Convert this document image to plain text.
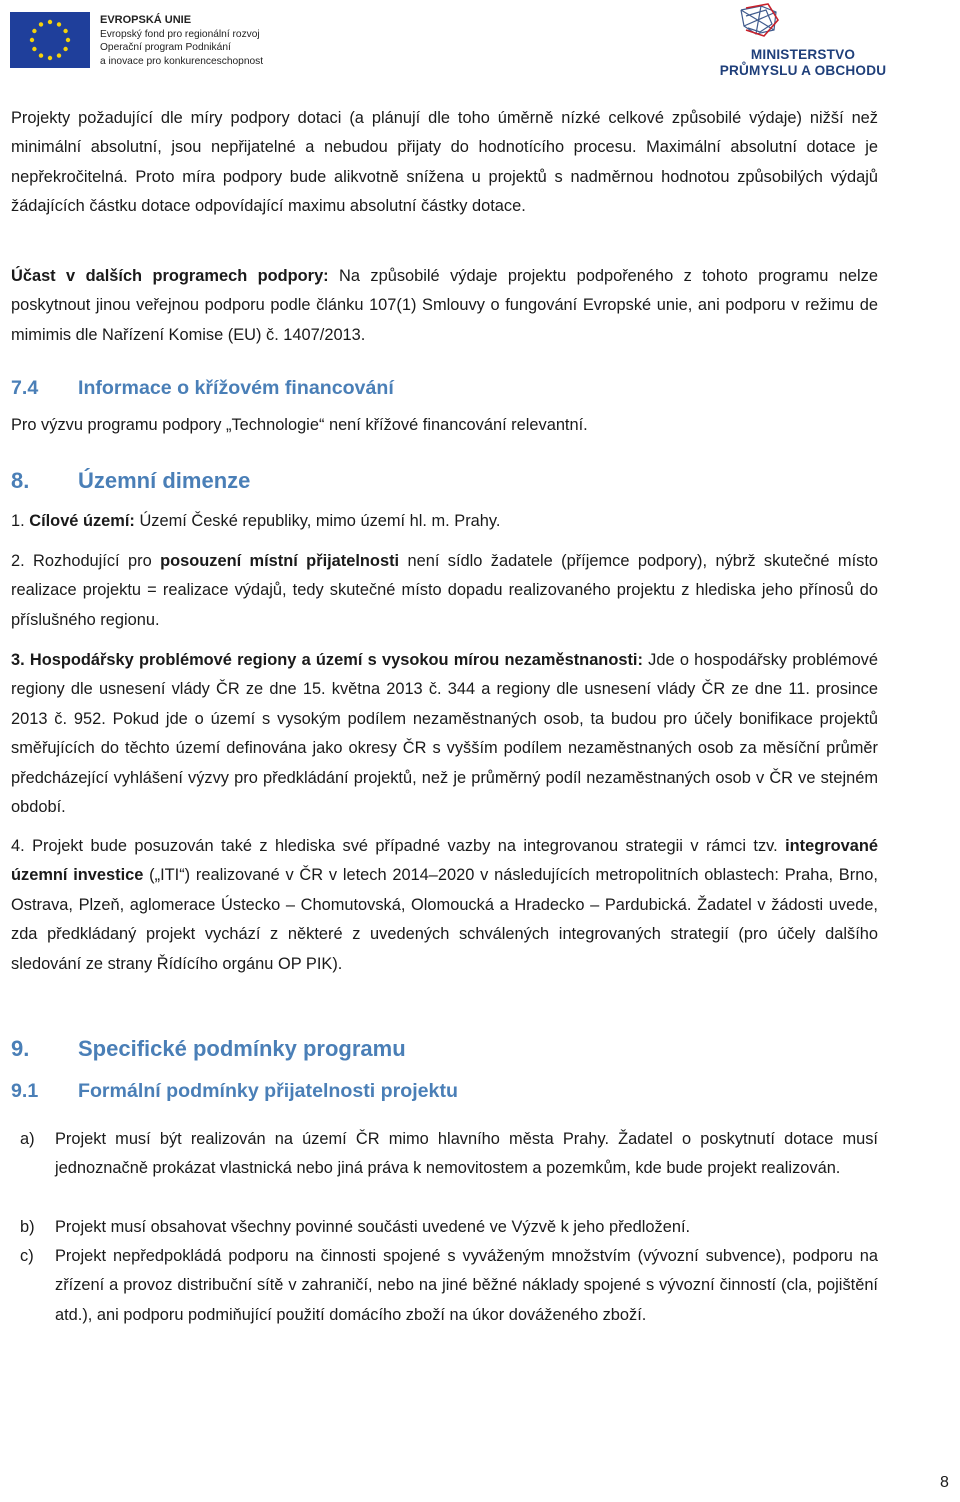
EVROPSKÁ UNIE
Evropský fond pro regionální rozvoj
Operační program Podnikání
a inovace pro konkurenceschopnost	MINISTERSTVO
PRŮMYSLU A OBCHODU

Projekty požadující dle míry podpory dotaci (a plánují dle toho úměrně nízké celkové způsobilé výdaje) nižší než minimální absolutní, jsou nepřijatelné a nebudou přijaty do hodnotícího procesu. Maximální absolutní dotace je nepřekročitelná. Proto míra podpory bude alikvotně snížena u projektů s nadměrnou hodnotou způsobilých výdajů žádajících částku dotace odpovídající maximu absolutní částky dotace.

Účast v dalších programech podpory: Na způsobilé výdaje projektu podpořeného z tohoto programu nelze poskytnout jinou veřejnou podporu podle článku 107(1) Smlouvy o fungování Evropské unie, ani podporu v režimu de mimimis dle Nařízení Komise (EU) č. 1407/2013.

7.4 Informace o křížovém financování

Pro výzvu programu podpory „Technologie“ není křížové financování relevantní.

8. Územní dimenze

1. Cílové území: Území České republiky, mimo území hl. m. Prahy.

2. Rozhodující pro posouzení místní přijatelnosti není sídlo žadatele (příjemce podpory), nýbrž skutečné místo realizace projektu = realizace výdajů, tedy skutečné místo dopadu realizovaného projektu z hlediska jeho přínosů do příslušného regionu.

3. Hospodářsky problémové regiony a území s vysokou mírou nezaměstnanosti: Jde o hospodářsky problémové regiony dle usnesení vlády ČR ze dne 15. května 2013 č. 344 a regiony dle usnesení vlády ČR ze dne 11. prosince 2013 č. 952. Pokud jde o území s vysokým podílem nezaměstnaných osob, ta budou pro účely bonifikace projektů směřujících do těchto území definována jako okresy ČR s vyšším podílem nezaměstnaných osob za měsíční průměr předcházející vyhlášení výzvy pro předkládání projektů, než je průměrný podíl nezaměstnaných osob v ČR ve stejném období.

4. Projekt bude posuzován také z hlediska své případné vazby na integrovanou strategii v rámci tzv. integrované územní investice („ITI“) realizované v ČR v letech 2014–2020 v následujících metropolitních oblastech: Praha, Brno, Ostrava, Plzeň, aglomerace Ústecko – Chomutovská, Olomoucká a Hradecko – Pardubická. Žadatel v žádosti uvede, zda předkládaný projekt vychází z některé z uvedených schválených integrovaných strategií (pro účely dalšího sledování ze strany Řídícího orgánu OP PIK).

9. Specifické podmínky programu
9.1 Formální podmínky přijatelnosti projektu
a) Projekt musí být realizován na území ČR mimo hlavního města Prahy. Žadatel o poskytnutí dotace musí jednoznačně prokázat vlastnická nebo jiná práva k nemovitostem a pozemkům, kde bude projekt realizován.
b) Projekt musí obsahovat všechny povinné součásti uvedené ve Výzvě k jeho předložení.
c) Projekt nepředpokládá podporu na činnosti spojené s vyváženým množstvím (vývozní subvence), podporu na zřízení a provoz distribuční sítě v zahraničí, nebo na jiné běžné náklady spojené s vývozní činností (cla, pojištění atd.), ani podporu podmiňující použití domácího zboží na úkor dováženého zboží.
8
